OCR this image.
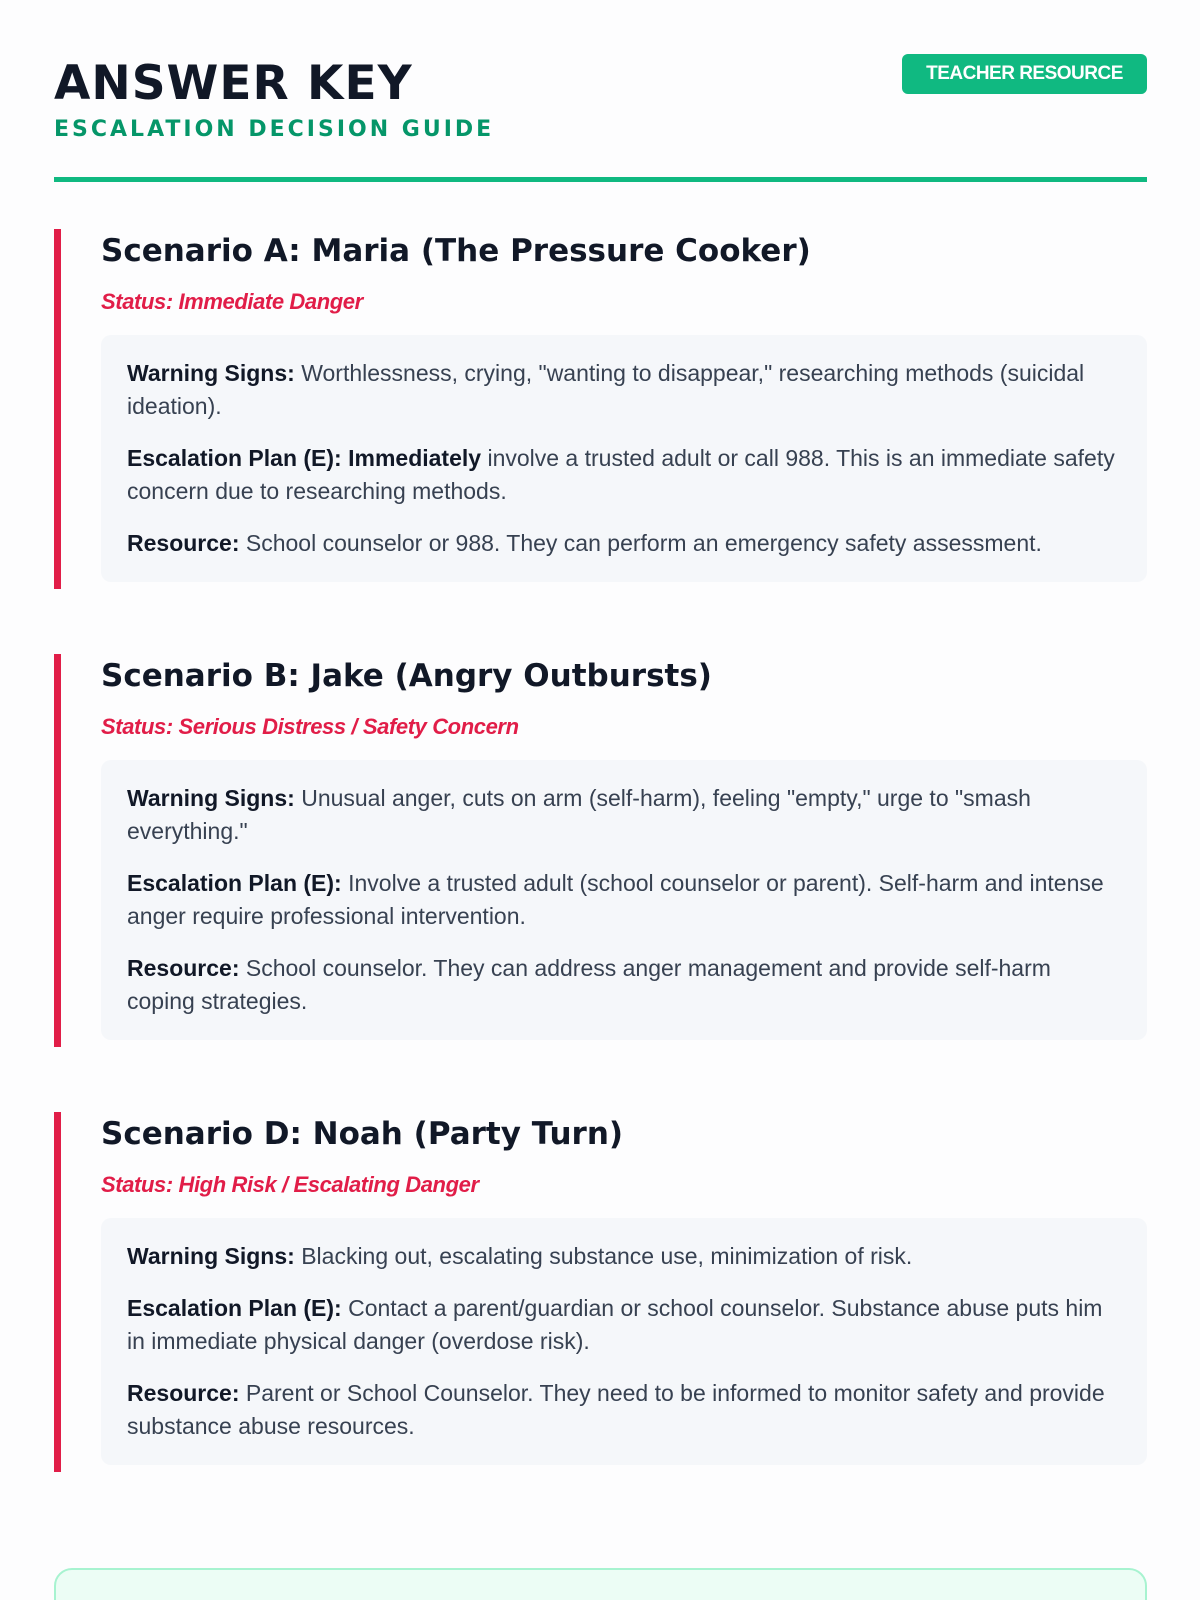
ANSWER KEY
ESCALATION DECISION GUIDE
TEACHER RESOURCE
Scenario A: Maria (The Pressure Cooker)
Status: Immediate Danger

Warning Signs: Worthlessness, crying, "wanting to disappear," researching methods (suicidal ideation).

Escalation Plan (E): Immediately involve a trusted adult or call 988. This is an immediate safety concern due to researching methods.

Resource: School counselor or 988. They can perform an emergency safety assessment.

Scenario B: Jake (Angry Outbursts)
Status: Serious Distress / Safety Concern

Warning Signs: Unusual anger, cuts on arm (self-harm), feeling "empty," urge to "smash everything."

Escalation Plan (E): Involve a trusted adult (school counselor or parent). Self-harm and intense anger require professional intervention.

Resource: School counselor. They can address anger management and provide self-harm coping strategies.

Scenario D: Noah (Party Turn)
Status: High Risk / Escalating Danger

Warning Signs: Blacking out, escalating substance use, minimization of risk.

Escalation Plan (E): Contact a parent/guardian or school counselor. Substance abuse puts him in immediate physical danger (overdose risk).

Resource: Parent or School Counselor. They need to be informed to monitor safety and provide substance abuse resources.
